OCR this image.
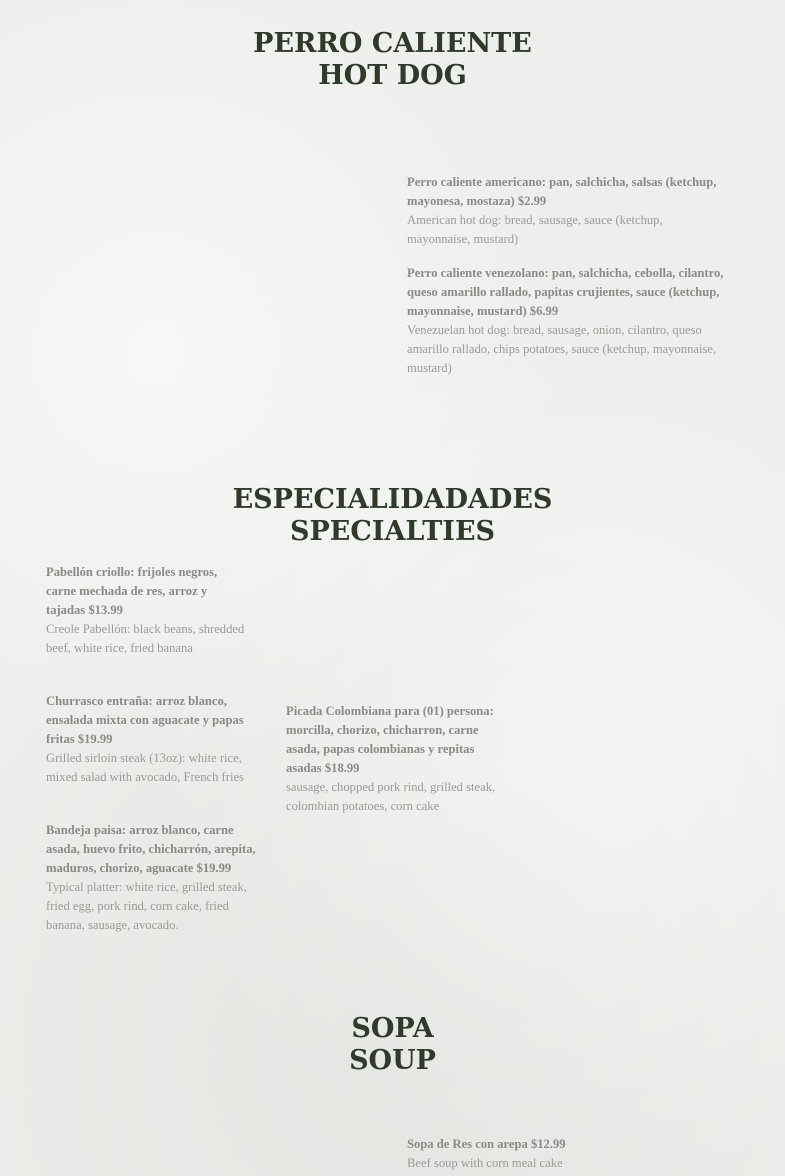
PERRO CALIENTE
HOT DOG
Perro caliente americano: pan, salchicha, salsas (ketchup, mayonesa, mostaza) $2.99
American hot dog: bread, sausage, sauce (ketchup, mayonnaise, mustard)
Perro caliente venezolano: pan, salchicha, cebolla, cilantro, queso amarillo rallado, papitas crujientes, sauce (ketchup, mayonnaise, mustard) $6.99
Venezuelan hot dog: bread, sausage, onion, cilantro, queso amarillo rallado, chips potatoes, sauce (ketchup, mayonnaise, mustard)
ESPECIALIDADADES
SPECIALTIES
Pabellón criollo: frijoles negros, carne mechada de res, arroz y tajadas $13.99
Creole Pabellón: black beans, shredded beef, white rice, fried banana
Churrasco entraña: arroz blanco, ensalada mixta con aguacate y papas fritas $19.99
Grilled sirloin steak (13oz): white rice, mixed salad with avocado, French fries
Bandeja paisa: arroz blanco, carne asada, huevo frito, chicharrón, arepita, maduros, chorizo, aguacate $19.99
Typical platter: white rice, grilled steak, fried egg, pork rind, corn cake, fried banana, sausage, avocado.
Picada Colombiana para (01) persona: morcilla, chorizo, chicharron, carne asada, papas colombianas y repitas asadas $18.99
sausage, chopped pork rind, grilled steak, colombian potatoes, corn cake
SOPA
SOUP
Sopa de Res con arepa $12.99
Beef soup with corn meal cake
